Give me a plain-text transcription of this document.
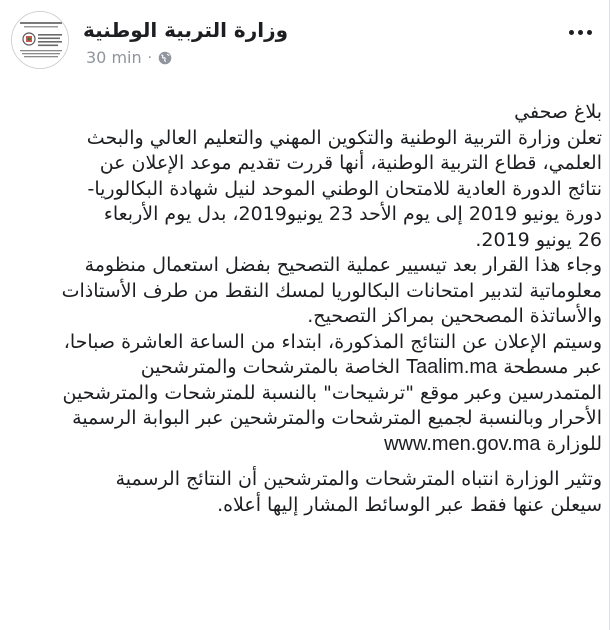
وزارة التربية الوطنية
30 min ·

بلاغ صحفي

تعلن وزارة التربية الوطنية والتكوين المهني والتعليم العالي والبحث

العلمي، قطاع التربية الوطنية، أنها قررت تقديم موعد الإعلان عن

نتائج الدورة العادية للامتحان الوطني الموحد لنيل شهادة البكالوريا-

دورة يونيو 2019 إلى يوم الأحد 23 يونيو2019، بدل يوم الأربعاء

26 يونيو 2019.

وجاء هذا القرار بعد تيسيير عملية التصحيح بفضل استعمال منظومة

معلوماتية لتدبير امتحانات البكالوريا لمسك النقط من طرف الأستاذات

والأساتذة المصححين بمراكز التصحيح.

وسيتم الإعلان عن النتائج المذكورة، ابتداء من الساعة العاشرة صباحا،

عبر مسطحة Taalim.ma الخاصة بالمترشحات والمترشحين

المتمدرسين وعبر موقع "ترشيحات" بالنسبة للمترشحات والمترشحين

الأحرار وبالنسبة لجميع المترشحات والمترشحين عبر البوابة الرسمية

للوزارة www.men.gov.ma

وتثير الوزارة انتباه المترشحات والمترشحين أن النتائج الرسمية

سيعلن عنها فقط عبر الوسائط المشار إليها أعلاه.
